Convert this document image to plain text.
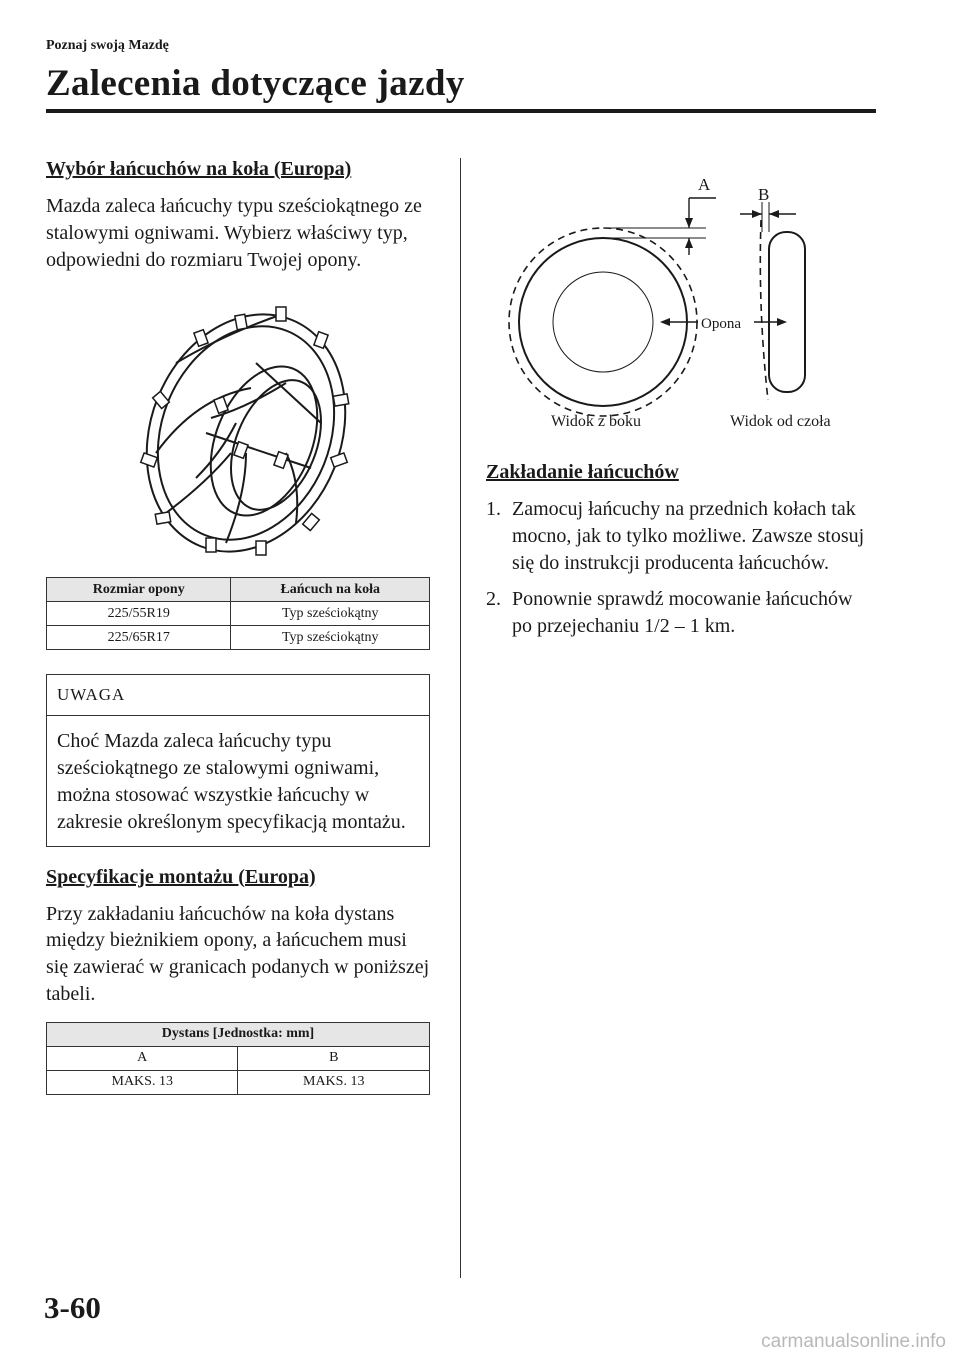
Poznaj swoją Mazdę
Zalecenia dotyczące jazdy
Wybór łańcuchów na koła (Europa)

Mazda zaleca łańcuchy typu sześciokątnego ze stalowymi ogniwami. Wybierz właściwy typ, odpowiedni do rozmiaru Twojej opony.

Rozmiar opony	Łańcuch na koła
225/55R19	Typ sześciokątny
225/65R17	Typ sześciokątny
UWAGA
Choć Mazda zaleca łańcuchy typu sześciokątnego ze stalowymi ogniwami, można stosować wszystkie łańcuchy w zakresie określonym specyfikacją montażu.
Specyfikacje montażu (Europa)

Przy zakładaniu łańcuchów na koła dystans między bieżnikiem opony, a łańcuchem musi się zawierać w granicach podanych w poniższej tabeli.

Dystans [Jednostka: mm]	
A	B
MAKS. 13	MAKS. 13
A
B
Opona
Widok z boku	Widok od czoła
Zakładanie łańcuchów
1. Zamocuj łańcuchy na przednich kołach tak mocno, jak to tylko możliwe. Zawsze stosuj się do instrukcji producenta łańcuchów.
2. Ponownie sprawdź mocowanie łańcuchów po przejechaniu 1/2 – 1 km.
3-60
carmanualsonline.info
